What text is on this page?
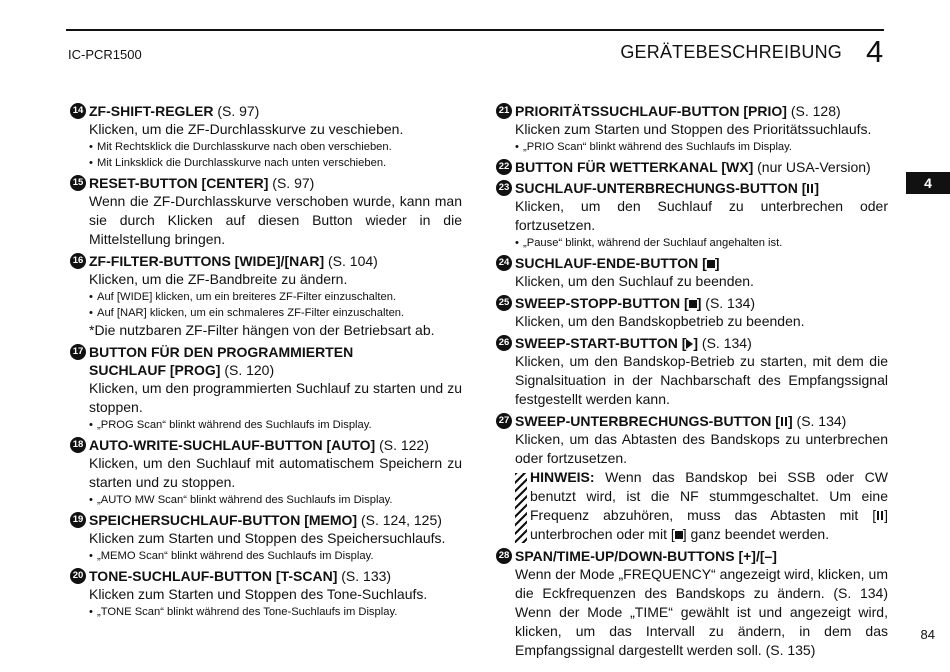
IC-PCR1500	GERÄTEBESCHREIBUNG 4
4
14 ZF-SHIFT-REGLER (S. 97)
Klicken, um die ZF-Durchlasskurve zu veschieben.
• Mit Rechtsklick die Durchlasskurve nach oben verschieben.
• Mit Linksklick die Durchlasskurve nach unten verschieben.
15 RESET-BUTTON [CENTER] (S. 97)
Wenn die ZF-Durchlasskurve verschoben wurde, kann man sie durch Klicken auf diesen Button wieder in die Mittelstellung bringen.
16 ZF-FILTER-BUTTONS [WIDE]/[NAR] (S. 104)
Klicken, um die ZF-Bandbreite zu ändern.
• Auf [WIDE] klicken, um ein breiteres ZF-Filter einzuschalten.
• Auf [NAR] klicken, um ein schmaleres ZF-Filter einzuschalten.
*Die nutzbaren ZF-Filter hängen von der Betriebsart ab.
17 BUTTON FÜR DEN PROGRAMMIERTEN
SUCHLAUF [PROG] (S. 120)
Klicken, um den programmierten Suchlauf zu starten und zu stoppen.
• „PROG Scan“ blinkt während des Suchlaufs im Display.
18 AUTO-WRITE-SUCHLAUF-BUTTON [AUTO] (S. 122)
Klicken, um den Suchlauf mit automatischem Speichern zu starten und zu stoppen.
• „AUTO MW Scan“ blinkt während des Suchlaufs im Display.
19 SPEICHERSUCHLAUF-BUTTON [MEMO] (S. 124, 125)
Klicken zum Starten und Stoppen des Speichersuchlaufs.
• „MEMO Scan“ blinkt während des Suchlaufs im Display.
20 TONE-SUCHLAUF-BUTTON [T-SCAN] (S. 133)
Klicken zum Starten und Stoppen des Tone-Suchlaufs.
• „TONE Scan“ blinkt während des Tone-Suchlaufs im Display.
21 PRIORITÄTSSUCHLAUF-BUTTON [PRIO] (S. 128)
Klicken zum Starten und Stoppen des Prioritätssuchlaufs.
• „PRIO Scan“ blinkt während des Suchlaufs im Display.
22 BUTTON FÜR WETTERKANAL [WX] (nur USA-Version)
23 SUCHLAUF-UNTERBRECHUNGS-BUTTON [ ]
Klicken, um den Suchlauf zu unterbrechen oder fortzusetzen.
• „Pause“ blinkt, während der Suchlauf angehalten ist.
24 SUCHLAUF-ENDE-BUTTON [ ]
Klicken, um den Suchlauf zu beenden.
25 SWEEP-STOPP-BUTTON [ ] (S. 134)
Klicken, um den Bandskopbetrieb zu beenden.
26 SWEEP-START-BUTTON [ ] (S. 134)
Klicken, um den Bandskop-Betrieb zu starten, mit dem die Signalsituation in der Nachbarschaft des Empfangssignal festgestellt werden kann.
27 SWEEP-UNTERBRECHUNGS-BUTTON [ ] (S. 134)
Klicken, um das Abtasten des Bandskops zu unterbrechen oder fortzusetzen.
HINWEIS: Wenn das Bandskop bei SSB oder CW benutzt wird, ist die NF stummgeschaltet. Um eine Frequenz abzuhören, muss das Abtasten mit [ ] unterbrochen oder mit [ ] ganz beendet werden.
28 SPAN/TIME-UP/DOWN-BUTTONS [+]/[–]
Wenn der Mode „FREQUENCY“ angezeigt wird, klicken, um die Eckfrequenzen des Bandskops zu ändern. (S. 134) Wenn der Mode „TIME“ gewählt ist und angezeigt wird, klicken, um das Intervall zu ändern, in dem das Empfangssignal dargestellt werden soll. (S. 135)
84
